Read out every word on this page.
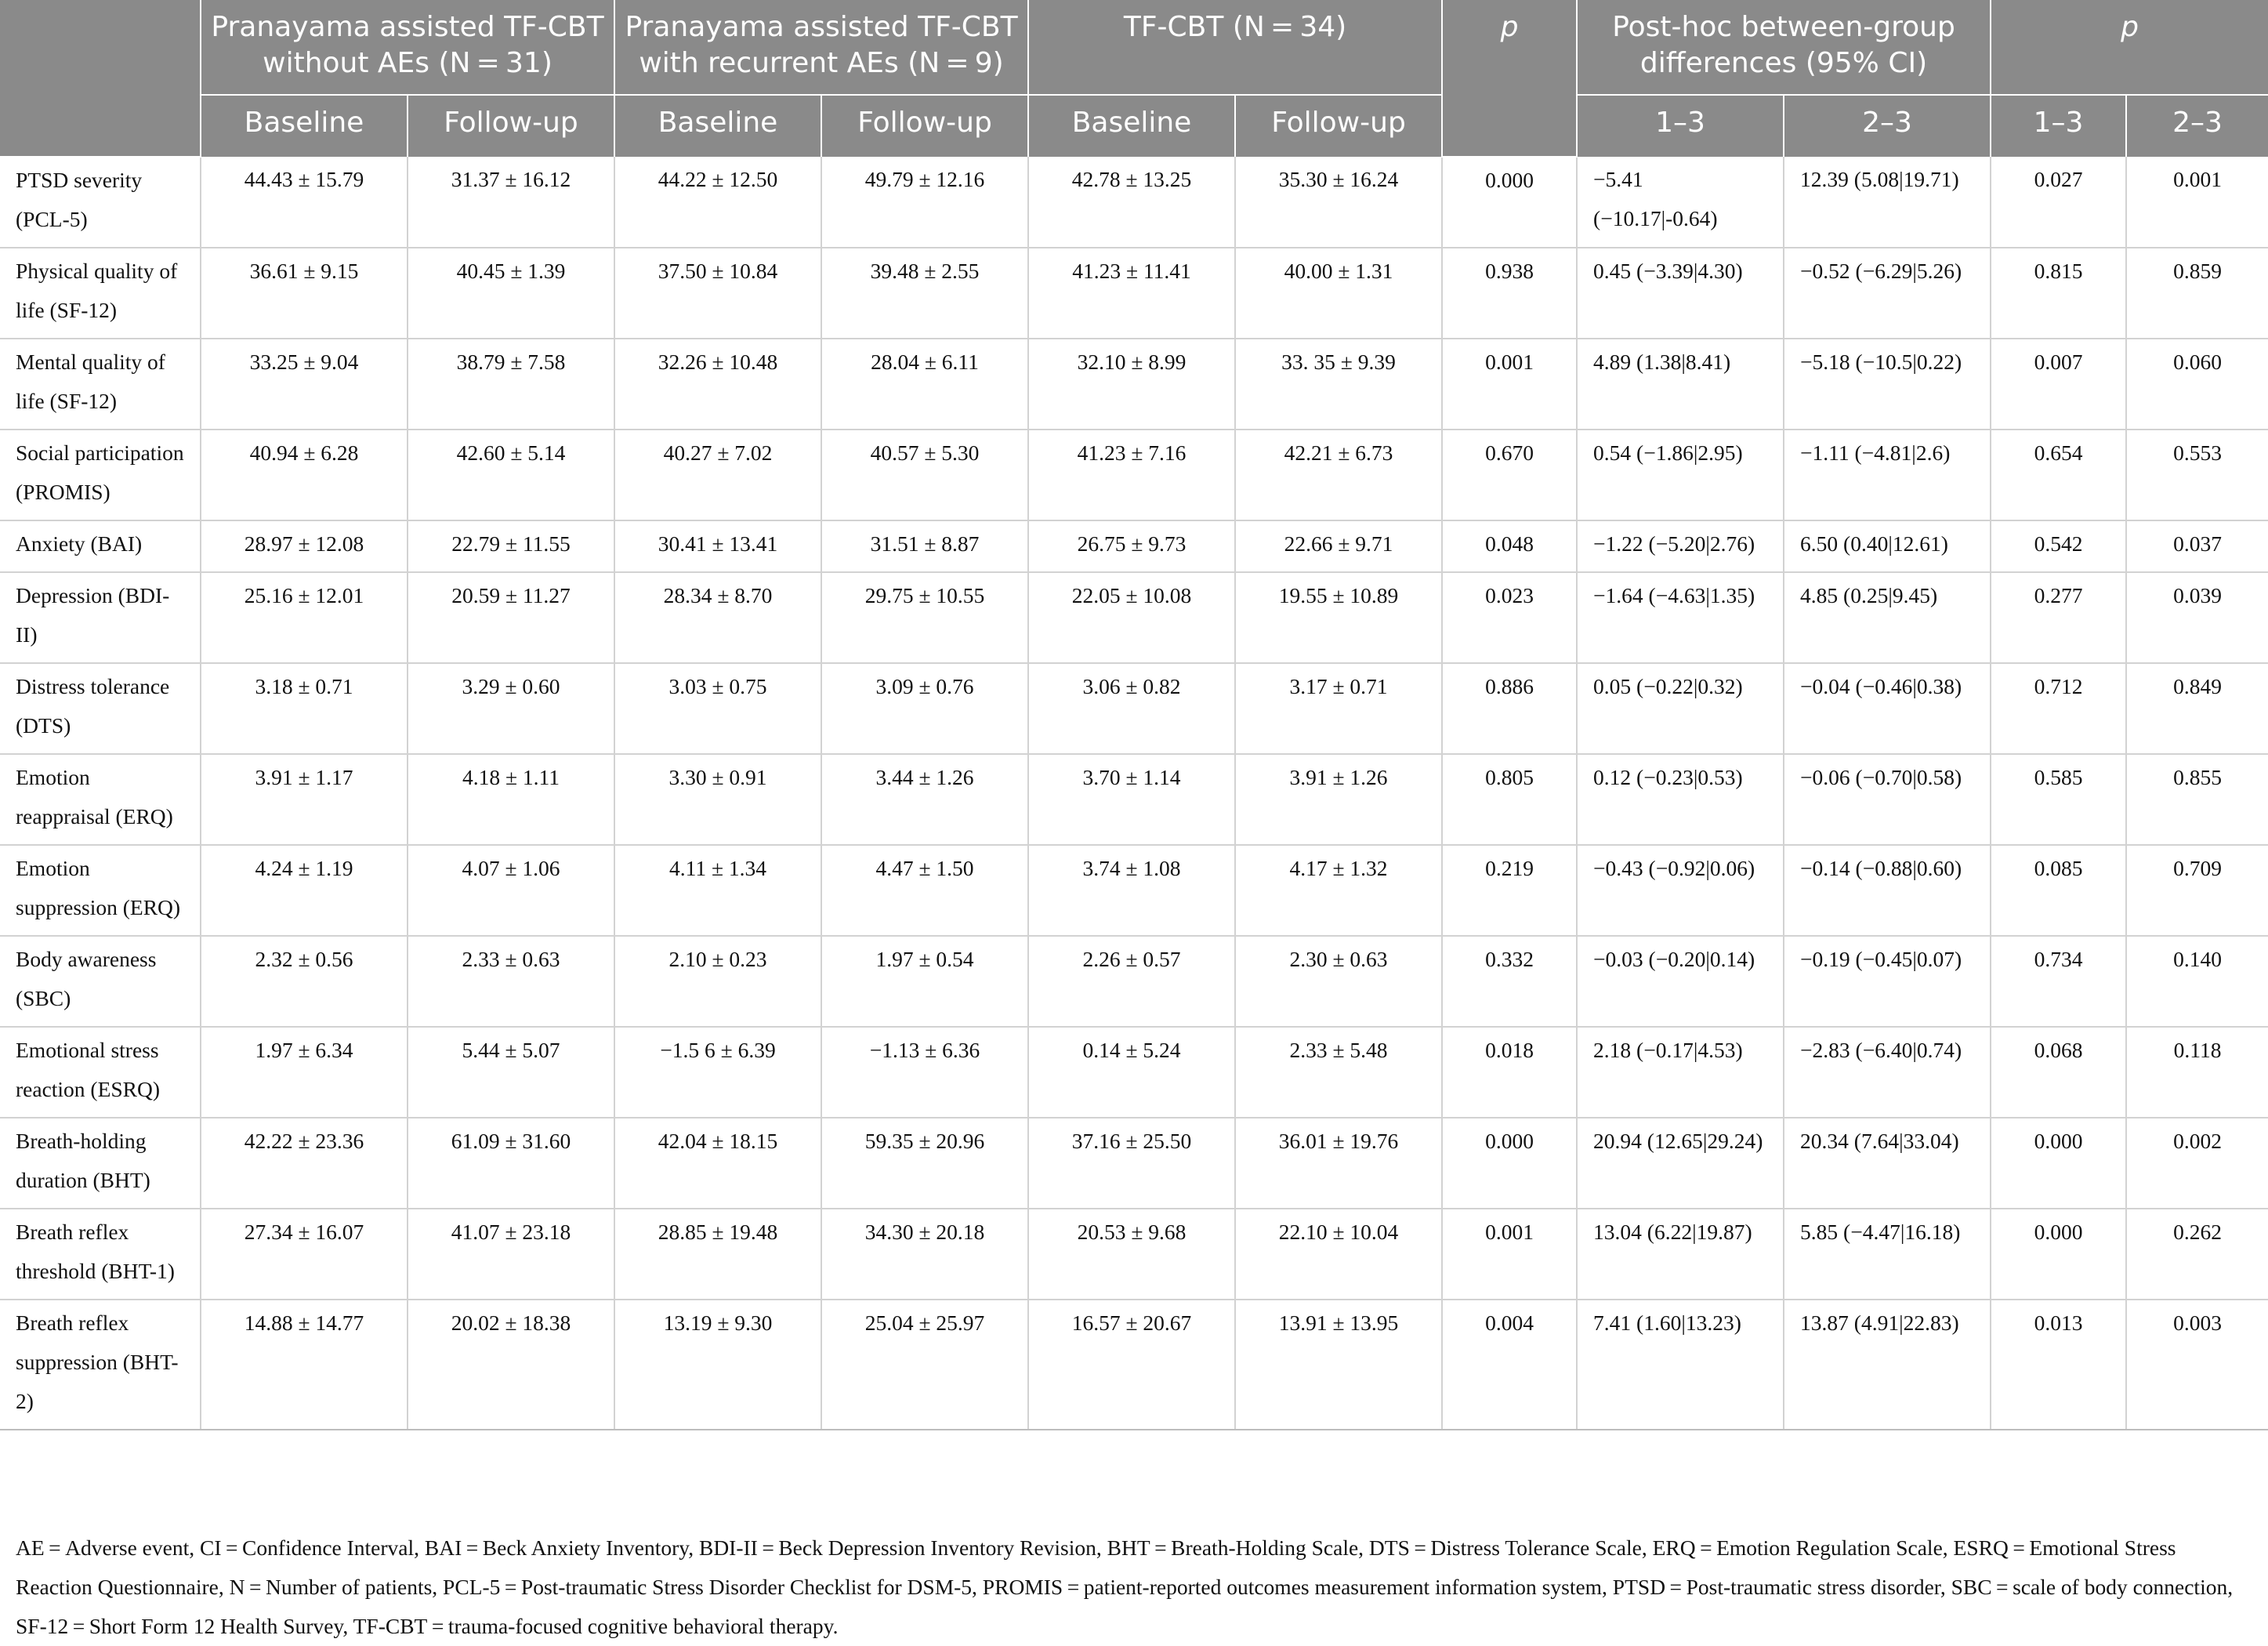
	Pranayama assisted TF-CBT without AEs (N = 31)		Pranayama assisted TF-CBT with recurrent AEs (N = 9)		TF-CBT (N = 34)		p	Post-hoc between-group differences (95% CI)		p	
	Baseline	Follow-up	Baseline	Follow-up	Baseline	Follow-up		1–3	2–3	1–3	2–3
PTSD severity (PCL-5)	44.43 ± 15.79	31.37 ± 16.12	44.22 ± 12.50	49.79 ± 12.16	42.78 ± 13.25	35.30 ± 16.24	0.000	−5.41 (−10.17|-0.64)	12.39 (5.08|19.71)	0.027	0.001
Physical quality of life (SF-12)	36.61 ± 9.15	40.45 ± 1.39	37.50 ± 10.84	39.48 ± 2.55	41.23 ± 11.41	40.00 ± 1.31	0.938	0.45 (−3.39|4.30)	−0.52 (−6.29|5.26)	0.815	0.859
Mental quality of life (SF-12)	33.25 ± 9.04	38.79 ± 7.58	32.26 ± 10.48	28.04 ± 6.11	32.10 ± 8.99	33. 35 ± 9.39	0.001	4.89 (1.38|8.41)	−5.18 (−10.5|0.22)	0.007	0.060
Social participation (PROMIS)	40.94 ± 6.28	42.60 ± 5.14	40.27 ± 7.02	40.57 ± 5.30	41.23 ± 7.16	42.21 ± 6.73	0.670	0.54 (−1.86|2.95)	−1.11 (−4.81|2.6)	0.654	0.553
Anxiety (BAI)	28.97 ± 12.08	22.79 ± 11.55	30.41 ± 13.41	31.51 ± 8.87	26.75 ± 9.73	22.66 ± 9.71	0.048	−1.22 (−5.20|2.76)	6.50 (0.40|12.61)	0.542	0.037
Depression (BDI-II)	25.16 ± 12.01	20.59 ± 11.27	28.34 ± 8.70	29.75 ± 10.55	22.05 ± 10.08	19.55 ± 10.89	0.023	−1.64 (−4.63|1.35)	4.85 (0.25|9.45)	0.277	0.039
Distress tolerance (DTS)	3.18 ± 0.71	3.29 ± 0.60	3.03 ± 0.75	3.09 ± 0.76	3.06 ± 0.82	3.17 ± 0.71	0.886	0.05 (−0.22|0.32)	−0.04 (−0.46|0.38)	0.712	0.849
Emotion reappraisal (ERQ)	3.91 ± 1.17	4.18 ± 1.11	3.30 ± 0.91	3.44 ± 1.26	3.70 ± 1.14	3.91 ± 1.26	0.805	0.12 (−0.23|0.53)	−0.06 (−0.70|0.58)	0.585	0.855
Emotion suppression (ERQ)	4.24 ± 1.19	4.07 ± 1.06	4.11 ± 1.34	4.47 ± 1.50	3.74 ± 1.08	4.17 ± 1.32	0.219	−0.43 (−0.92|0.06)	−0.14 (−0.88|0.60)	0.085	0.709
Body awareness (SBC)	2.32 ± 0.56	2.33 ± 0.63	2.10 ± 0.23	1.97 ± 0.54	2.26 ± 0.57	2.30 ± 0.63	0.332	−0.03 (−0.20|0.14)	−0.19 (−0.45|0.07)	0.734	0.140
Emotional stress reaction (ESRQ)	1.97 ± 6.34	5.44 ± 5.07	−1.5 6 ± 6.39	−1.13 ± 6.36	0.14 ± 5.24	2.33 ± 5.48	0.018	2.18 (−0.17|4.53)	−2.83 (−6.40|0.74)	0.068	0.118
Breath-holding duration (BHT)	42.22 ± 23.36	61.09 ± 31.60	42.04 ± 18.15	59.35 ± 20.96	37.16 ± 25.50	36.01 ± 19.76	0.000	20.94 (12.65|29.24)	20.34 (7.64|33.04)	0.000	0.002
Breath reflex threshold (BHT-1)	27.34 ± 16.07	41.07 ± 23.18	28.85 ± 19.48	34.30 ± 20.18	20.53 ± 9.68	22.10 ± 10.04	0.001	13.04 (6.22|19.87)	5.85 (−4.47|16.18)	0.000	0.262
Breath reflex suppression (BHT-2)	14.88 ± 14.77	20.02 ± 18.38	13.19 ± 9.30	25.04 ± 25.97	16.57 ± 20.67	13.91 ± 13.95	0.004	7.41 (1.60|13.23)	13.87 (4.91|22.83)	0.013	0.003
AE = Adverse event, CI = Confidence Interval, BAI = Beck Anxiety Inventory, BDI-II = Beck Depression Inventory Revision, BHT = Breath-Holding Scale, DTS = Distress Tolerance Scale, ERQ = Emotion Regulation Scale, ESRQ = Emotional Stress Reaction Questionnaire, N = Number of patients, PCL-5 = Post-traumatic Stress Disorder Checklist for DSM-5, PROMIS = patient-reported outcomes measurement information system, PTSD = Post-traumatic stress disorder, SBC = scale of body connection, SF-12 = Short Form 12 Health Survey, TF-CBT = trauma-focused cognitive behavioral therapy.
